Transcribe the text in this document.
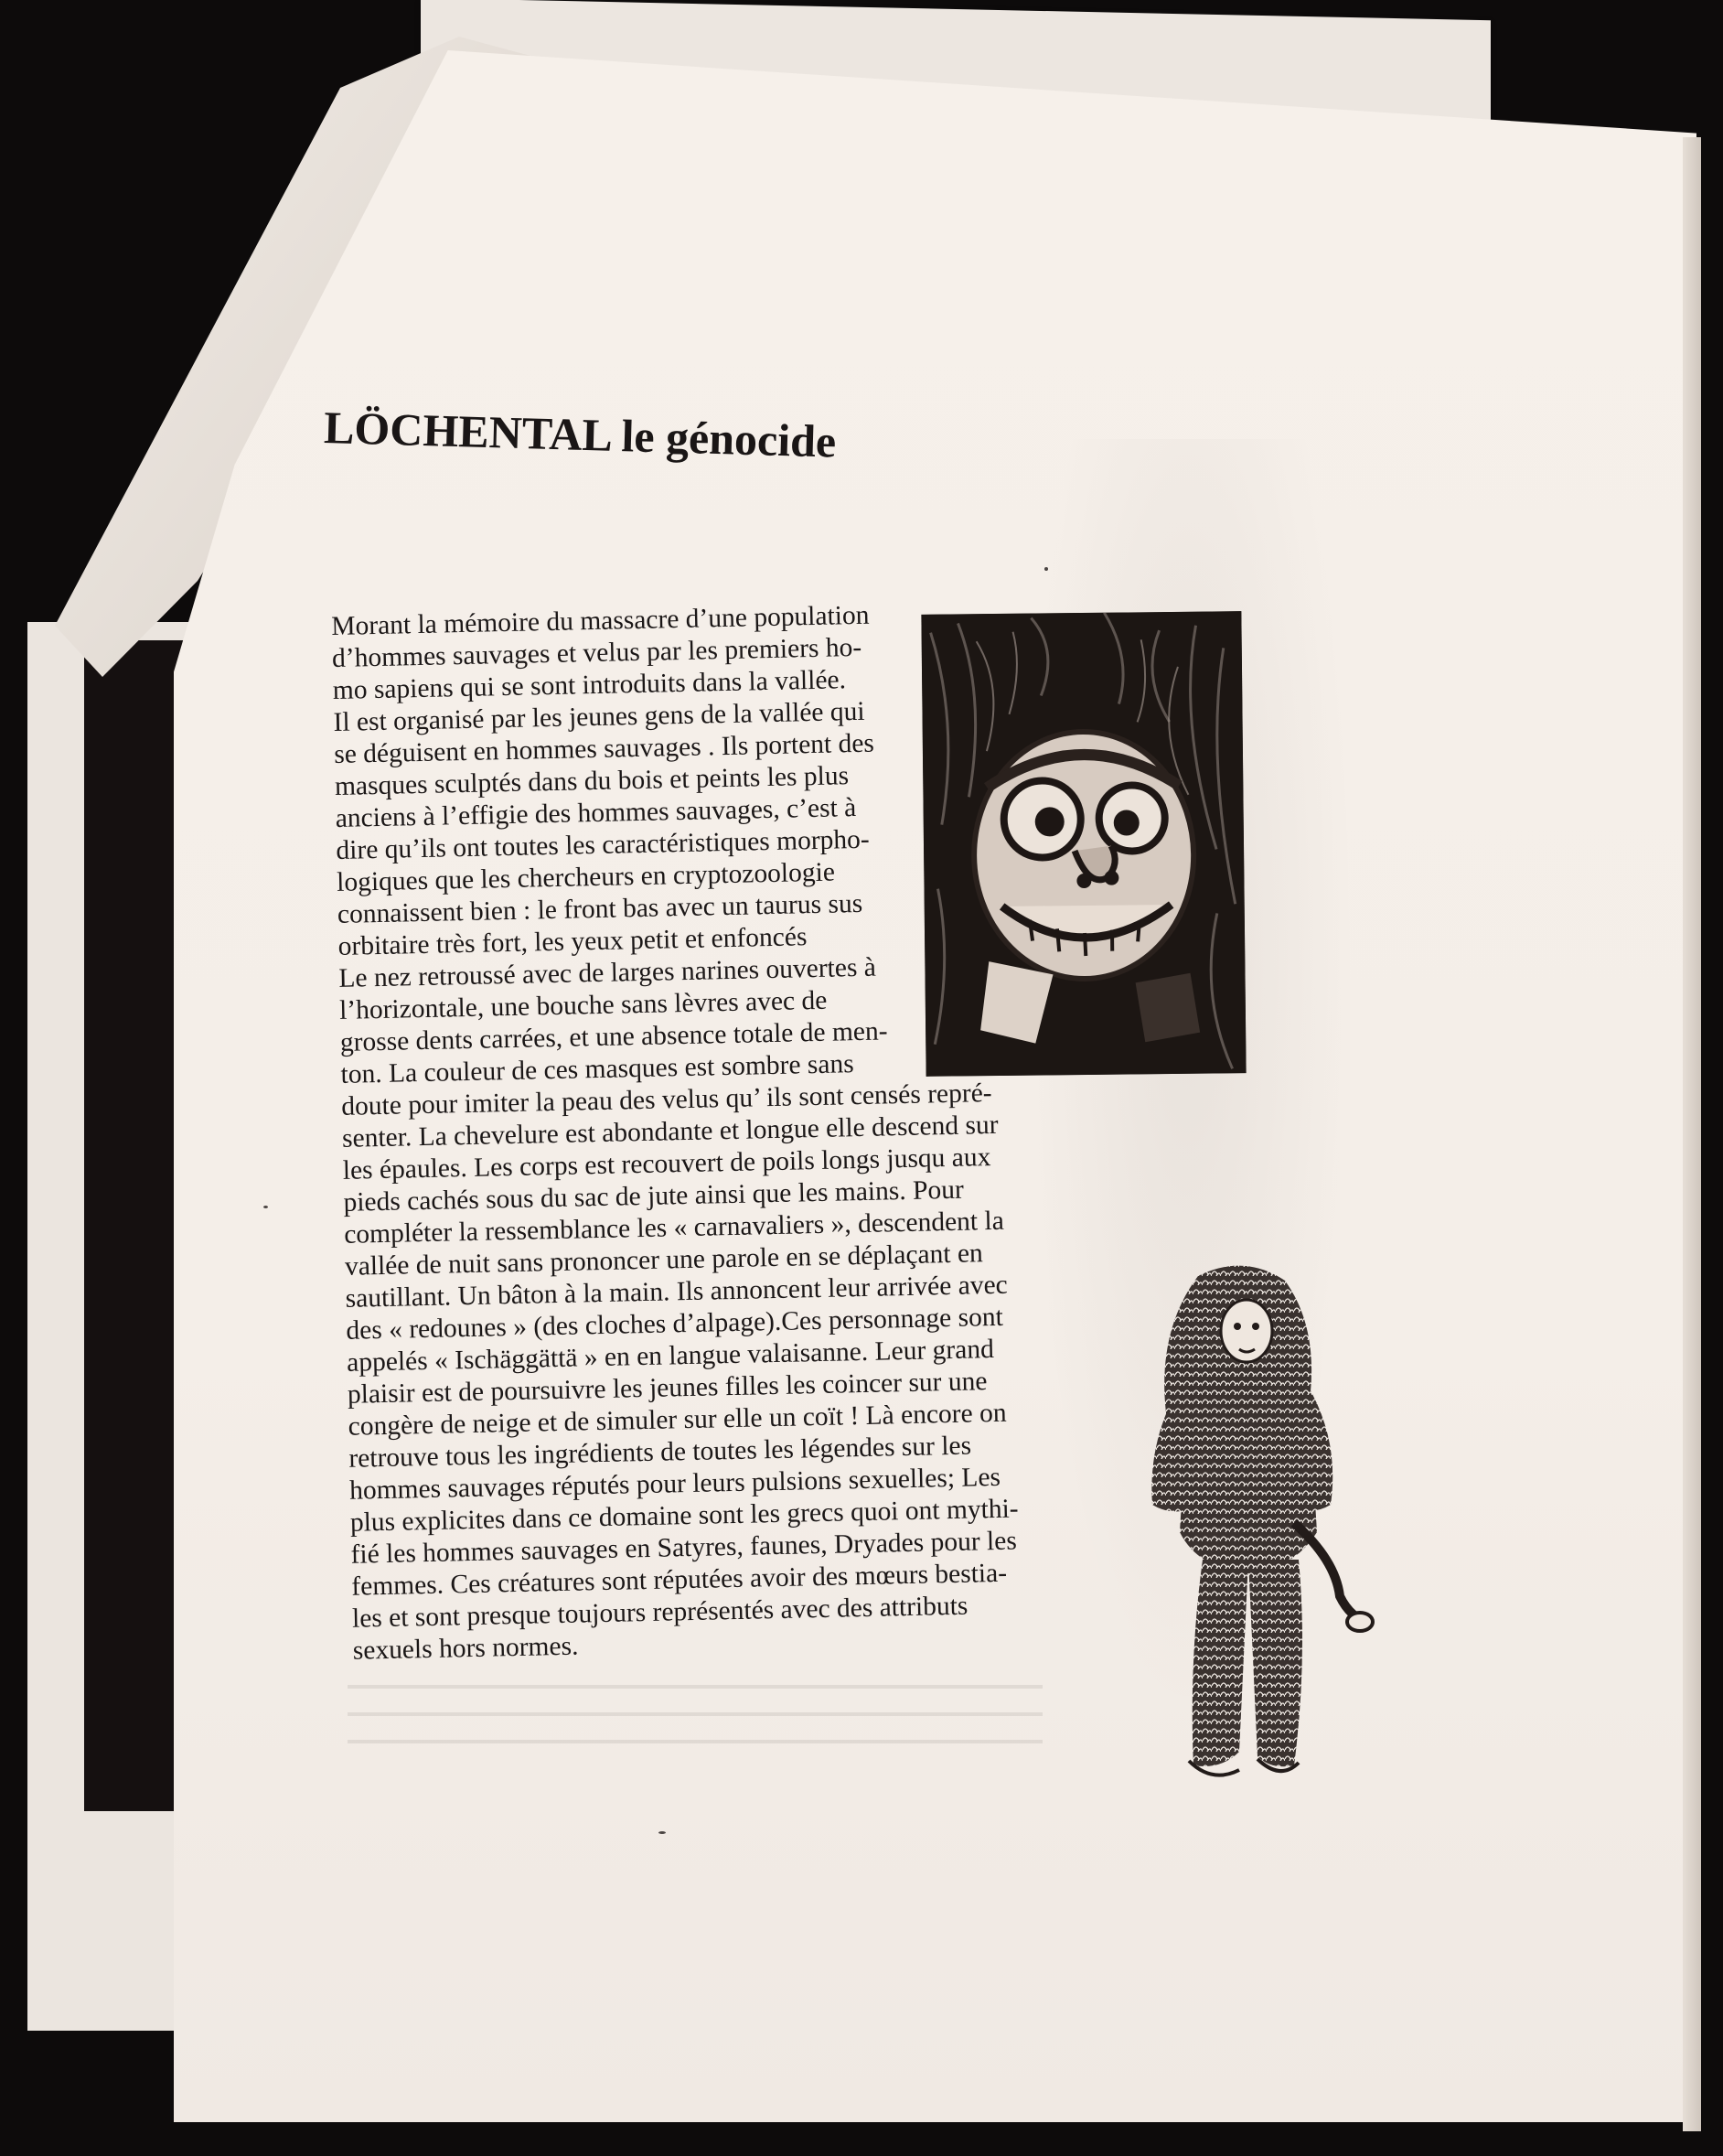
LÖCHENTAL le génocide
Morant la mémoire du massacre d’une population
d’hommes sauvages et velus par les premiers ho-
mo sapiens qui se sont introduits dans la vallée.
Il est organisé par les jeunes gens de la vallée qui
se déguisent en hommes sauvages . Ils portent des
masques sculptés dans du bois et peints les plus
anciens à l’effigie des hommes sauvages, c’est à
dire qu’ils ont toutes les caractéristiques morpho-
logiques que les chercheurs en cryptozoologie
connaissent bien : le front bas avec un taurus sus
orbitaire très fort, les yeux petit et enfoncés
Le nez retroussé avec de larges narines ouvertes à
l’horizontale, une bouche sans lèvres avec de
grosse dents carrées, et une absence totale de men-
ton. La couleur de ces masques est sombre sans
doute pour imiter la peau des velus qu’ ils sont censés repré-
senter. La chevelure est abondante et longue elle descend sur
les épaules. Les corps est recouvert de poils longs jusqu aux
pieds cachés sous du sac de jute ainsi que les mains. Pour
compléter la ressemblance les « carnavaliers », descendent la
vallée de nuit sans prononcer une parole en se déplaçant en
sautillant. Un bâton à la main. Ils annoncent leur arrivée avec
des « redounes » (des cloches d’alpage).Ces personnage sont
appelés « Ischäggättä » en en langue valaisanne. Leur grand
plaisir est de poursuivre les jeunes filles les coincer sur une
congère de neige et de simuler sur elle un coït ! Là encore on
retrouve tous les ingrédients de toutes les légendes sur les
hommes sauvages réputés pour leurs pulsions sexuelles; Les
plus explicites dans ce domaine sont les grecs quoi ont mythi-
fié les hommes sauvages en Satyres, faunes, Dryades pour les
femmes. Ces créatures sont réputées avoir des mœurs bestia-
les et sont presque toujours représentés avec des attributs
sexuels hors normes.
